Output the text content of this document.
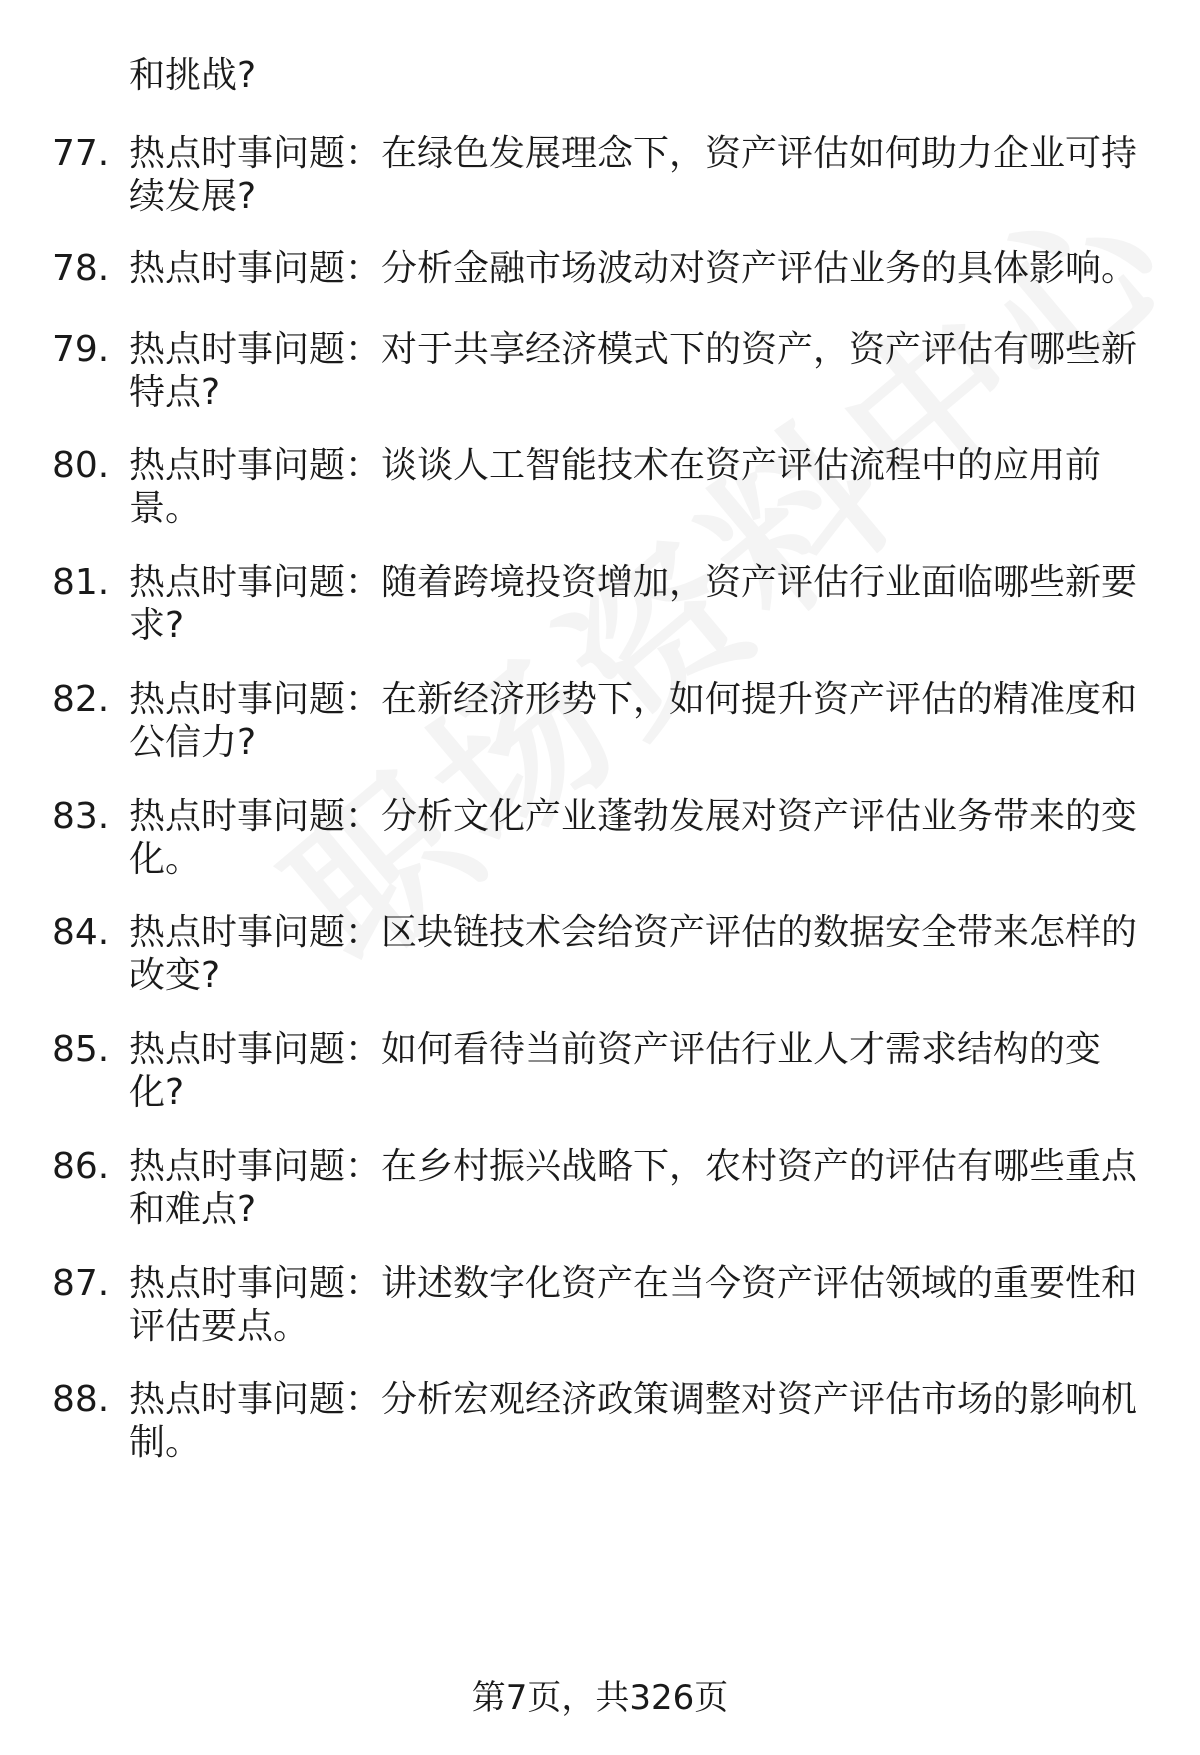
和挑战?
77. 热点时事问题：在绿色发展理念下，资产评估如何助力企业可持
续发展?
78. 热点时事问题：分析金融市场波动对资产评估业务的具体影响。
79. 热点时事问题：对于共享经济模式下的资产，资产评估有哪些新
特点?
80. 热点时事问题：谈谈人工智能技术在资产评估流程中的应用前
景。
81. 热点时事问题：随着跨境投资增加，资产评估行业面临哪些新要
求?
82. 热点时事问题：在新经济形势下，如何提升资产评估的精准度和
公信力?
83. 热点时事问题：分析文化产业蓬勃发展对资产评估业务带来的变
化。
84. 热点时事问题：区块链技术会给资产评估的数据安全带来怎样的
改变?
85. 热点时事问题：如何看待当前资产评估行业人才需求结构的变
化?
86. 热点时事问题：在乡村振兴战略下，农村资产的评估有哪些重点
和难点?
87. 热点时事问题：讲述数字化资产在当今资产评估领域的重要性和
评估要点。
88. 热点时事问题：分析宏观经济政策调整对资产评估市场的影响机
制。
第7页，共326页
